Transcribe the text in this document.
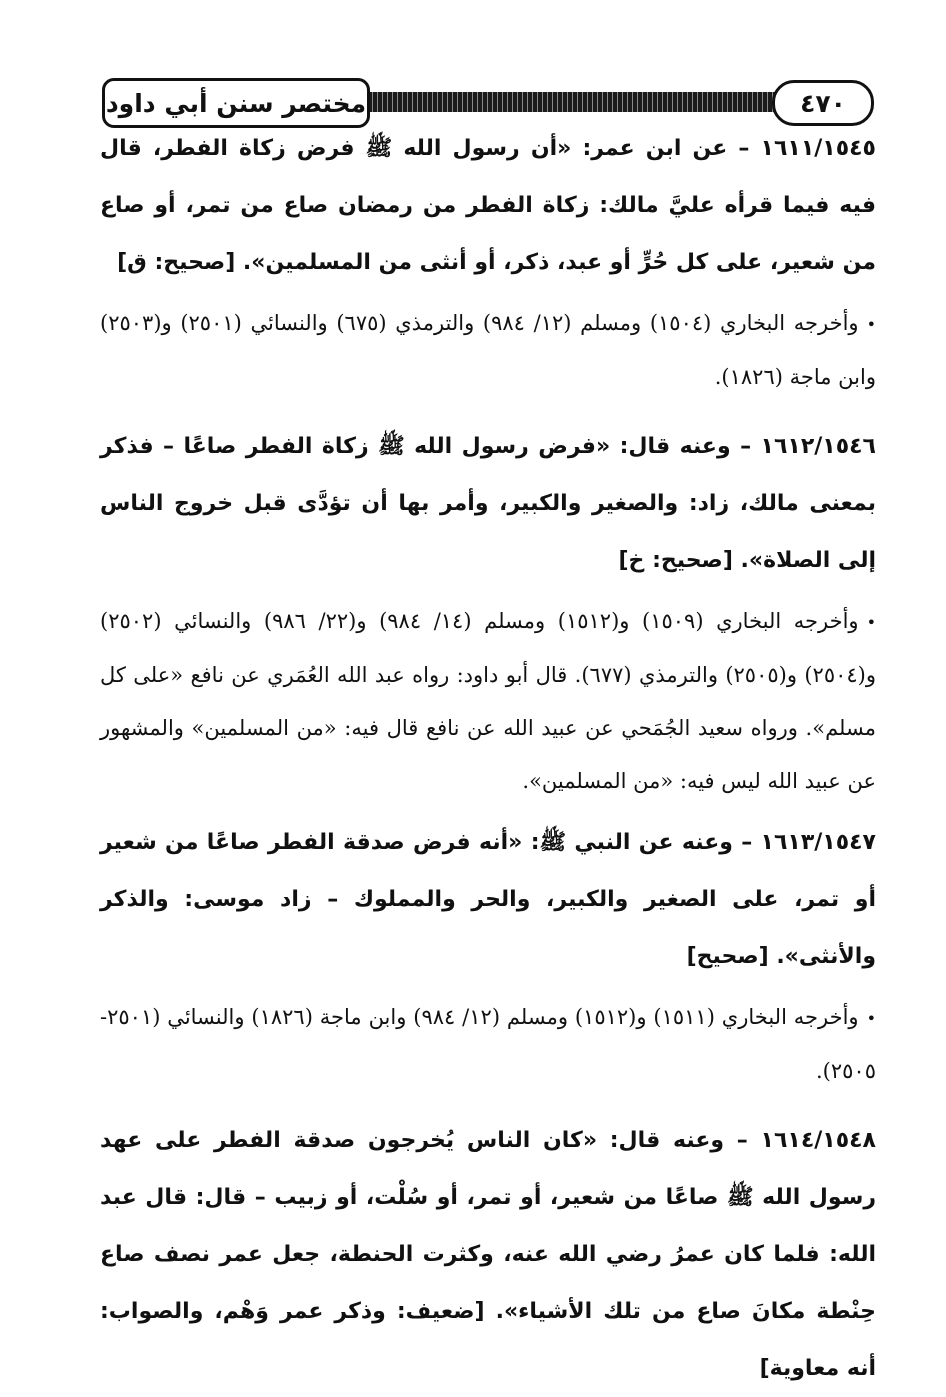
مختصر سنن أبي داود	٤٧٠

١٦١١/١٥٤٥ – عن ابن عمر: «أن رسول الله ﷺ فرض زكاة الفطر، قال فيه فيما قرأه عليَّ مالك: زكاة الفطر من رمضان صاع من تمر، أو صاع من شعير، على كل حُرٍّ أو عبد، ذكر، أو أنثى من المسلمين». [صحيح: ق]

•وأخرجه البخاري (١٥٠٤) ومسلم (١٢/ ٩٨٤) والترمذي (٦٧٥) والنسائي (٢٥٠١) و(٢٥٠٣) وابن ماجة (١٨٢٦).

١٦١٢/١٥٤٦ – وعنه قال: «فرض رسول الله ﷺ زكاة الفطر صاعًا – فذكر بمعنى مالك، زاد: والصغير والكبير، وأمر بها أن تؤدَّى قبل خروج الناس إلى الصلاة». [صحيح: خ]

•وأخرجه البخاري (١٥٠٩) و(١٥١٢) ومسلم (١٤/ ٩٨٤) و(٢٢/ ٩٨٦) والنسائي (٢٥٠٢) و(٢٥٠٤) و(٢٥٠٥) والترمذي (٦٧٧). قال أبو داود: رواه عبد الله العُمَري عن نافع «على كل مسلم». ورواه سعيد الجُمَحي عن عبيد الله عن نافع قال فيه: «من المسلمين» والمشهور عن عبيد الله ليس فيه: «من المسلمين».

١٦١٣/١٥٤٧ – وعنه عن النبي ﷺ: «أنه فرض صدقة الفطر صاعًا من شعير أو تمر، على الصغير والكبير، والحر والمملوك – زاد موسى: والذكر والأنثى». [صحيح]

•وأخرجه البخاري (١٥١١) و(١٥١٢) ومسلم (١٢/ ٩٨٤) وابن ماجة (١٨٢٦) والنسائي (٢٥٠١- ٢٥٠٥).

١٦١٤/١٥٤٨ – وعنه قال: «كان الناس يُخرجون صدقة الفطر على عهد رسول الله ﷺ صاعًا من شعير، أو تمر، أو سُلْت، أو زبيب – قال: قال عبد الله: فلما كان عمرُ رضي الله عنه، وكثرت الحنطة، جعل عمر نصف صاع حِنْطة مكانَ صاع من تلك الأشياء». [ضعيف: وذكر عمر وَهْم، والصواب: أنه معاوية]
